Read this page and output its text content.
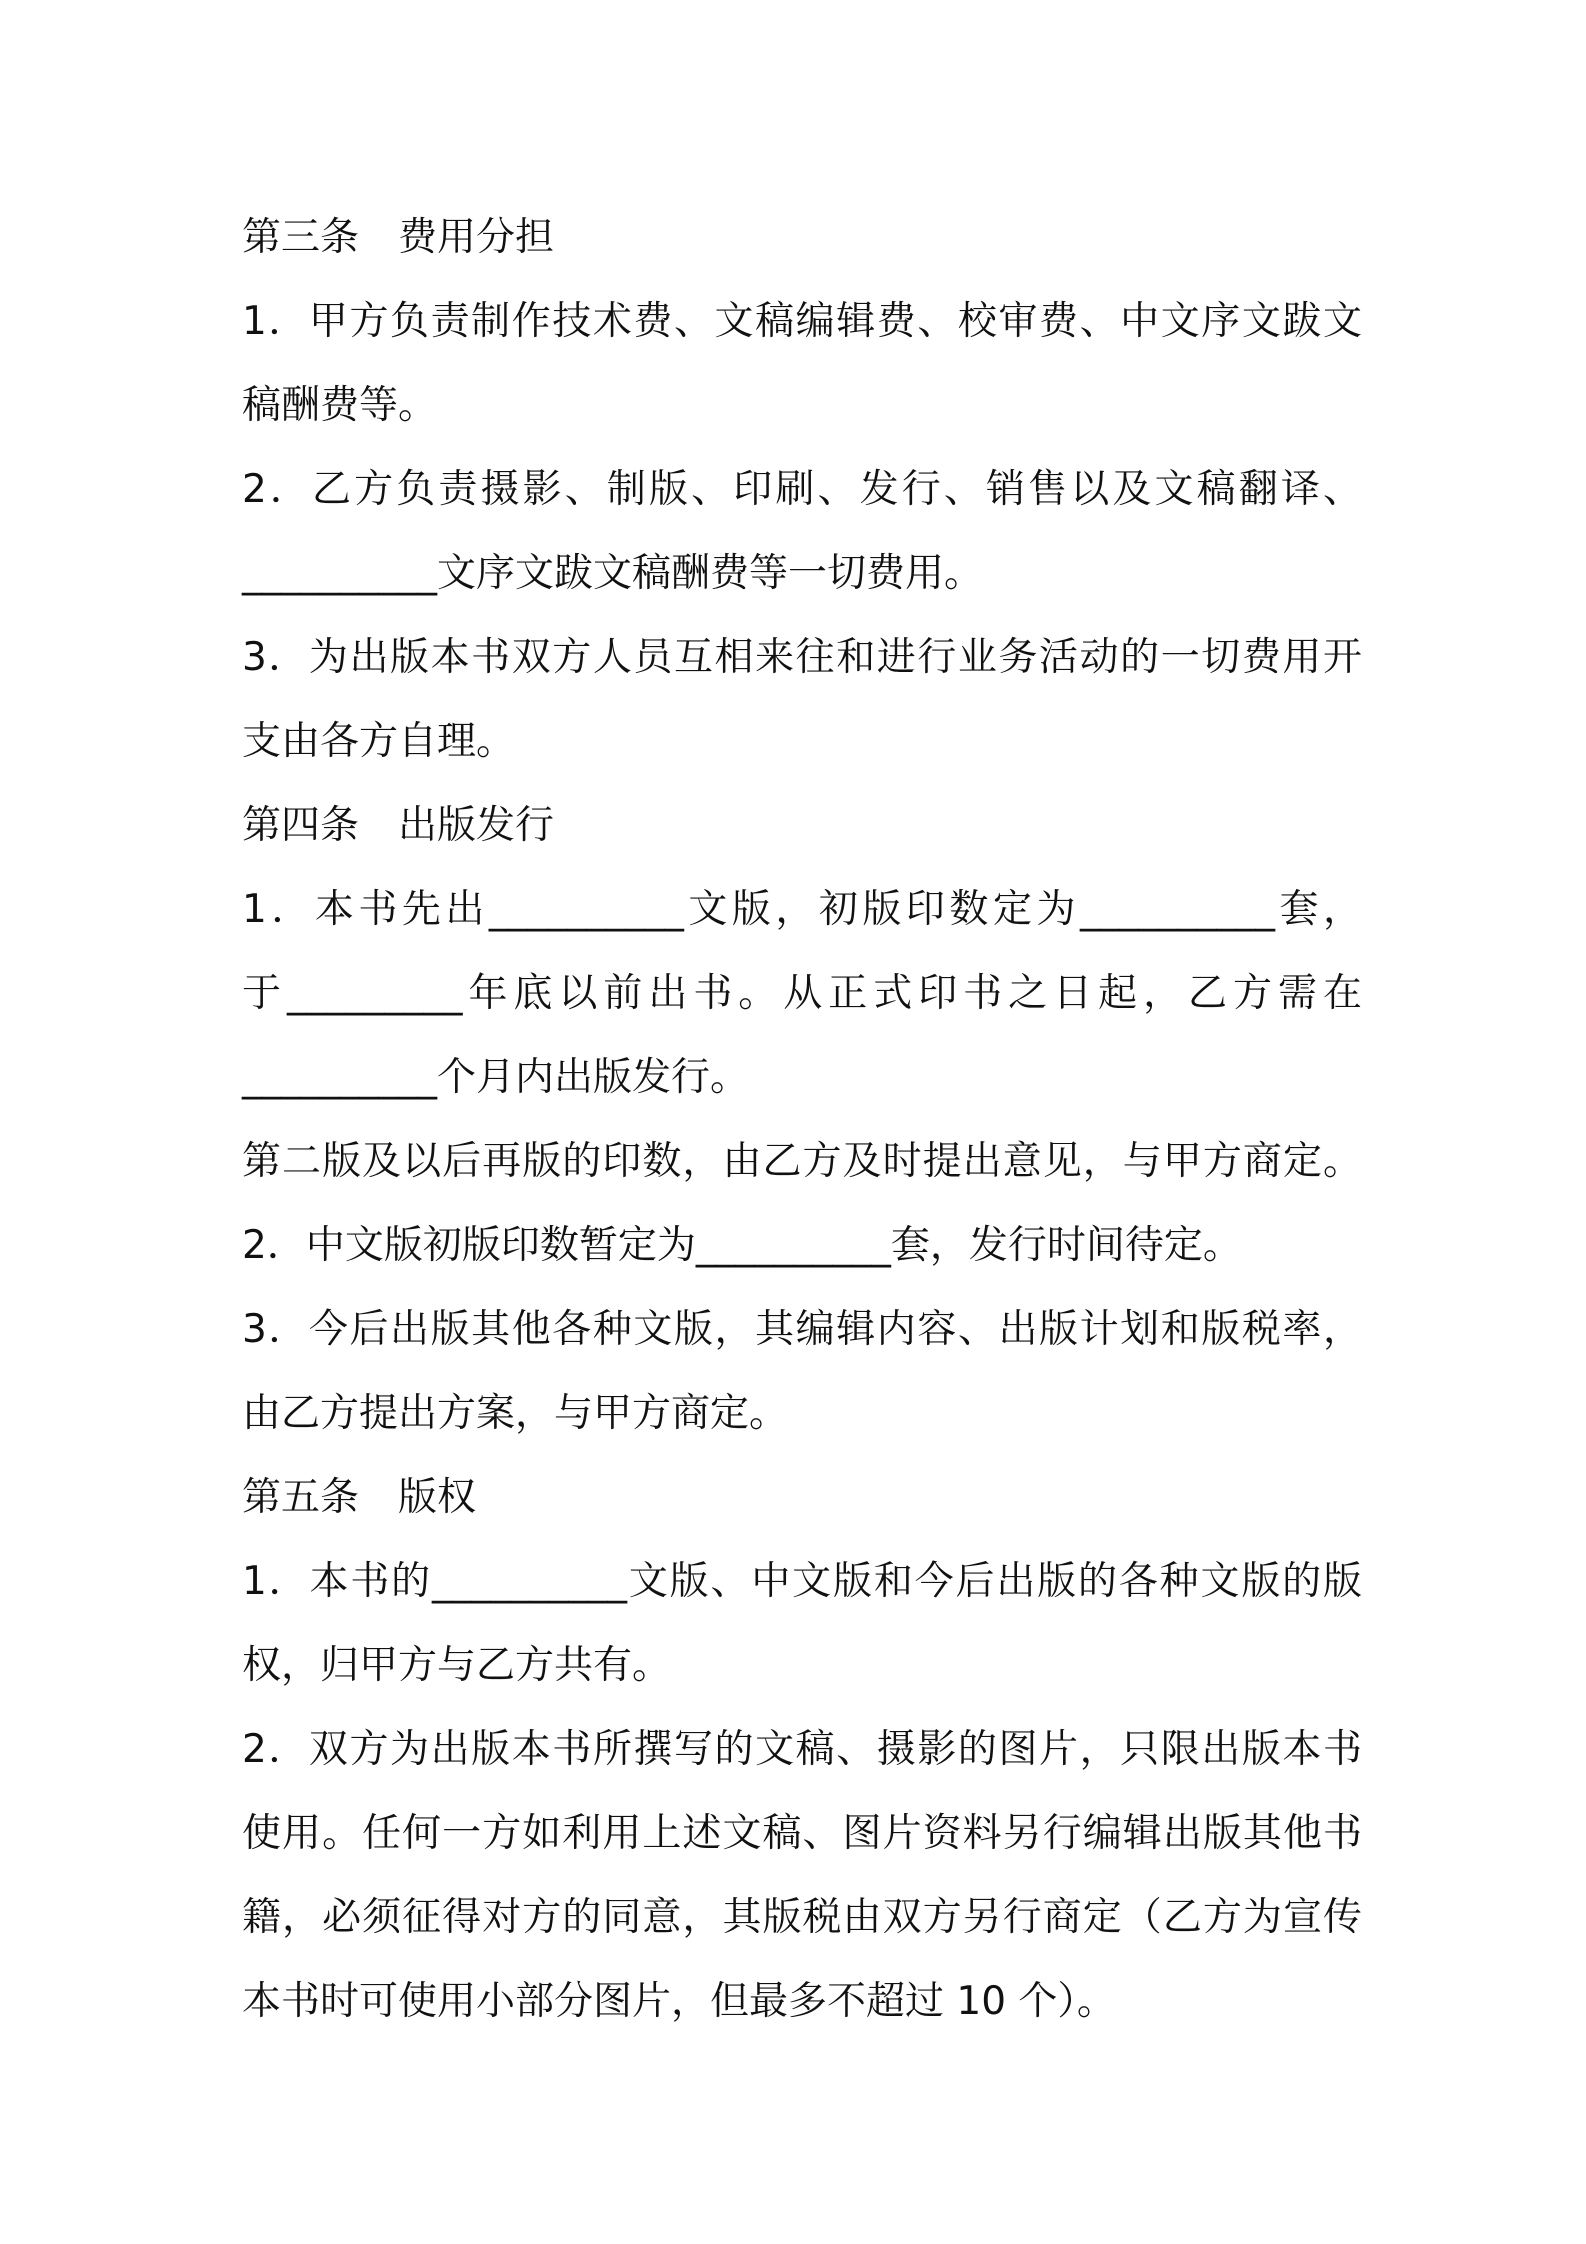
第三条　费用分担
1．甲方负责制作技术费、文稿编辑费、校审费、中文序文跋文
稿酬费等。
2．乙方负责摄影、制版、印刷、发行、销售以及文稿翻译、
__________文序文跋文稿酬费等一切费用。
3．为出版本书双方人员互相来往和进行业务活动的一切费用开
支由各方自理。
第四条　出版发行
1．本书先出__________文版，初版印数定为__________套，
于_________年底以前出书。从正式印书之日起，乙方需在
__________个月内出版发行。
第二版及以后再版的印数，由乙方及时提出意见，与甲方商定。
2．中文版初版印数暂定为__________套，发行时间待定。
3．今后出版其他各种文版，其编辑内容、出版计划和版税率，
由乙方提出方案，与甲方商定。
第五条　版权
1．本书的__________文版、中文版和今后出版的各种文版的版
权，归甲方与乙方共有。
2．双方为出版本书所撰写的文稿、摄影的图片，只限出版本书
使用。任何一方如利用上述文稿、图片资料另行编辑出版其他书
籍，必须征得对方的同意，其版税由双方另行商定（乙方为宣传
本书时可使用小部分图片，但最多不超过 10 个）。
